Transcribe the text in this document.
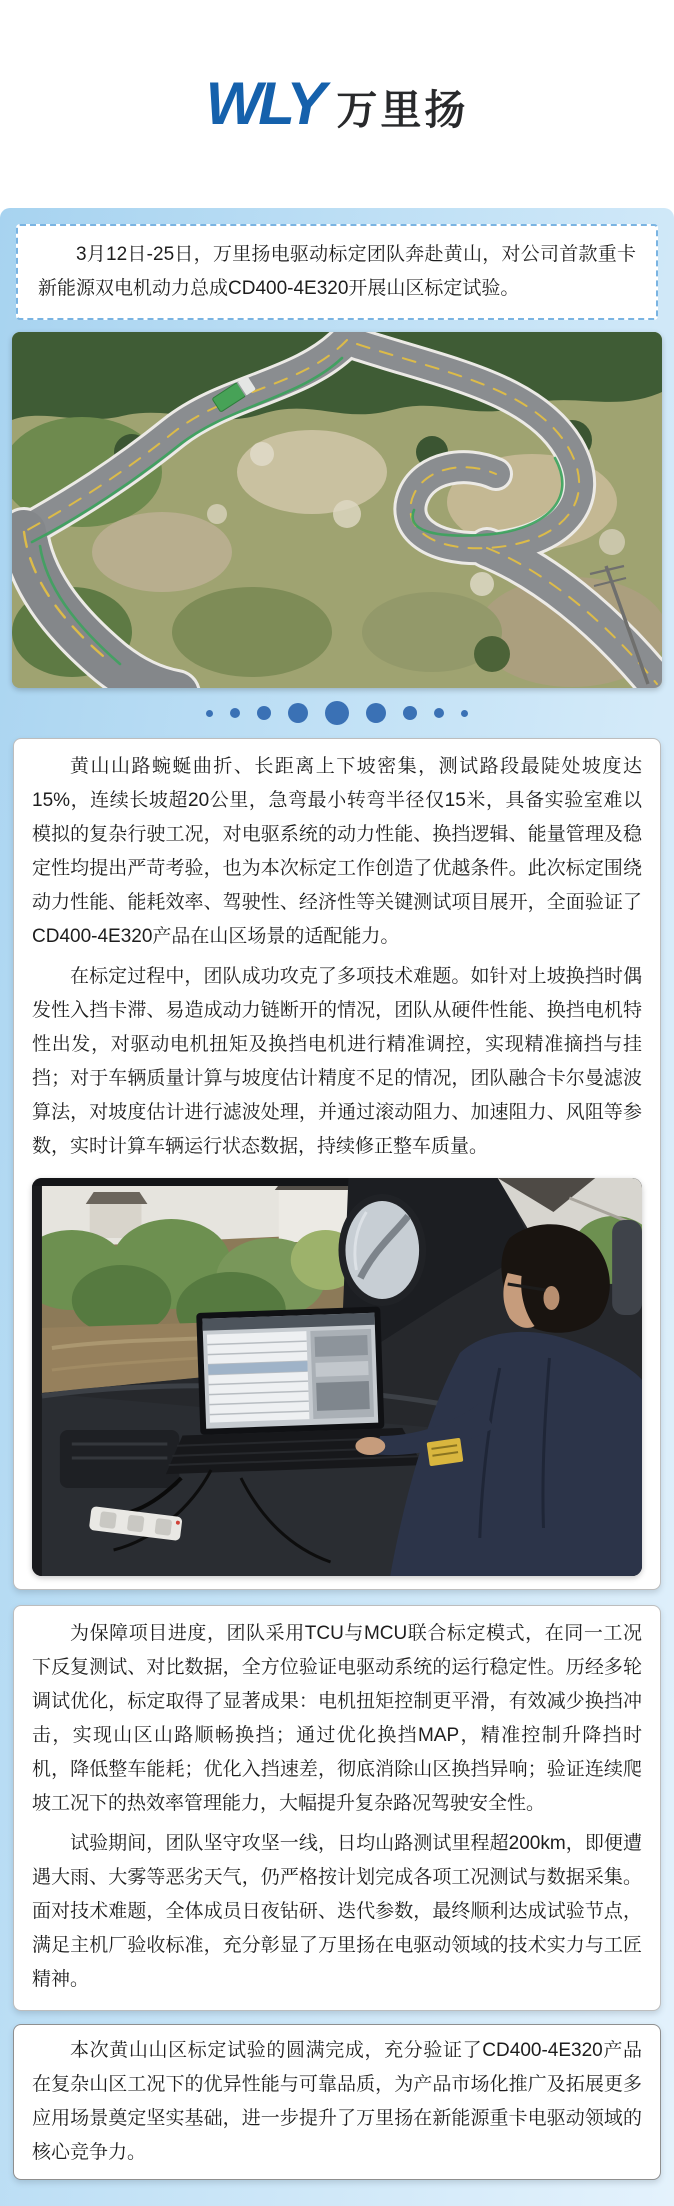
WLY 万里扬

3月12日-25日，万里扬电驱动标定团队奔赴黄山，对公司首款重卡新能源双电机动力总成CD400-4E320开展山区标定试验。

黄山山路蜿蜒曲折、长距离上下坡密集，测试路段最陡处坡度达15%，连续长坡超20公里，急弯最小转弯半径仅15米，具备实验室难以模拟的复杂行驶工况，对电驱系统的动力性能、换挡逻辑、能量管理及稳定性均提出严苛考验，也为本次标定工作创造了优越条件。此次标定围绕动力性能、能耗效率、驾驶性、经济性等关键测试项目展开，全面验证了CD400-4E320产品在山区场景的适配能力。

在标定过程中，团队成功攻克了多项技术难题。如针对上坡换挡时偶发性入挡卡滞、易造成动力链断开的情况，团队从硬件性能、换挡电机特性出发，对驱动电机扭矩及换挡电机进行精准调控，实现精准摘挡与挂挡；对于车辆质量计算与坡度估计精度不足的情况，团队融合卡尔曼滤波算法，对坡度估计进行滤波处理，并通过滚动阻力、加速阻力、风阻等参数，实时计算车辆运行状态数据，持续修正整车质量。

为保障项目进度，团队采用TCU与MCU联合标定模式，在同一工况下反复测试、对比数据，全方位验证电驱动系统的运行稳定性。历经多轮调试优化，标定取得了显著成果：电机扭矩控制更平滑，有效减少换挡冲击，实现山区山路顺畅换挡；通过优化换挡MAP，精准控制升降挡时机，降低整车能耗；优化入挡速差，彻底消除山区换挡异响；验证连续爬坡工况下的热效率管理能力，大幅提升复杂路况驾驶安全性。

试验期间，团队坚守攻坚一线，日均山路测试里程超200km，即便遭遇大雨、大雾等恶劣天气，仍严格按计划完成各项工况测试与数据采集。面对技术难题，全体成员日夜钻研、迭代参数，最终顺利达成试验节点，满足主机厂验收标准，充分彰显了万里扬在电驱动领域的技术实力与工匠精神。

本次黄山山区标定试验的圆满完成，充分验证了CD400-4E320产品在复杂山区工况下的优异性能与可靠品质，为产品市场化推广及拓展更多应用场景奠定坚实基础，进一步提升了万里扬在新能源重卡电驱动领域的核心竞争力。
